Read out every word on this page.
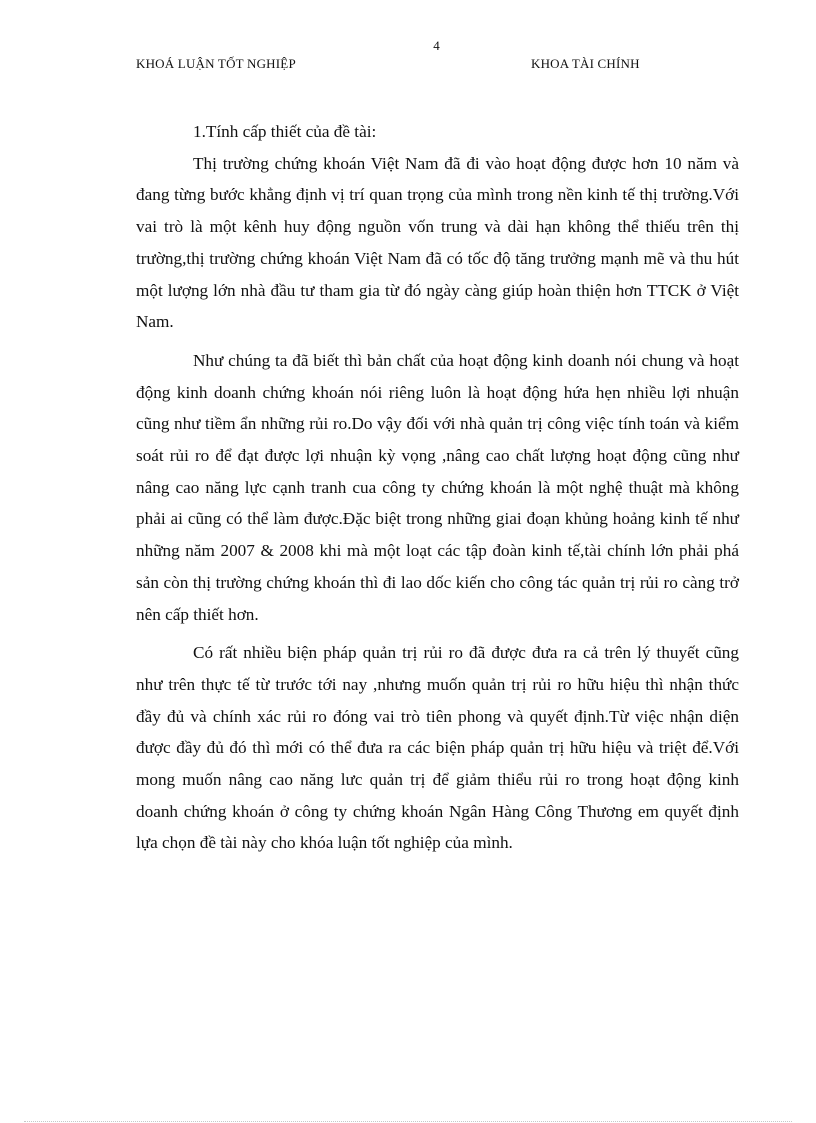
4
KHOÁ LUẬN TỐT NGHIỆP	KHOA TÀI CHÍNH

1.Tính cấp thiết của đề tài:

Thị trường chứng khoán Việt Nam đã đi vào hoạt động được hơn 10 năm và đang từng bước khẳng định vị trí quan trọng của mình trong nền kinh tế thị trường.Với vai trò là một kênh huy động nguồn vốn trung và dài hạn không thể thiếu trên thị trường,thị trường chứng khoán Việt Nam đã có tốc độ tăng trưởng mạnh mẽ và thu hút một lượng lớn nhà đầu tư tham gia từ đó ngày càng giúp hoàn thiện hơn TTCK ở Việt Nam.

Như chúng ta đã biết thì bản chất của hoạt động kinh doanh nói chung và hoạt động kinh doanh chứng khoán nói riêng luôn là hoạt động hứa hẹn nhiều lợi nhuận cũng như tiềm ẩn những rủi ro.Do vậy đối với nhà quản trị công việc tính toán và kiểm soát rủi ro để đạt được lợi nhuận kỳ vọng ,nâng cao chất lượng hoạt động cũng như nâng cao năng lực cạnh tranh cua công ty chứng khoán là một nghệ thuật mà không phải ai cũng có thể làm được.Đặc biệt trong những giai đoạn khủng hoảng kinh tế như những năm 2007 & 2008 khi mà một loạt các tập đoàn kinh tế,tài chính lớn phải phá sản còn thị trường chứng khoán thì đi lao dốc kiến cho công tác quản trị rủi ro càng trở nên cấp thiết hơn.

Có rất nhiều biện pháp quản trị rủi ro đã được đưa ra cả trên lý thuyết cũng như trên thực tế từ trước tới nay ,nhưng muốn quản trị rủi ro hữu hiệu thì nhận thức đầy đủ và chính xác rủi ro đóng vai trò tiên phong và quyết định.Từ việc nhận diện được đầy đủ đó thì mới có thể đưa ra các biện pháp quản trị hữu hiệu và triệt để.Với mong muốn nâng cao năng lưc quản trị để giảm thiểu rủi ro trong hoạt động kinh doanh chứng khoán ở công ty chứng khoán Ngân Hàng Công Thương em quyết định lựa chọn đề tài này cho khóa luận tốt nghiệp của mình.
